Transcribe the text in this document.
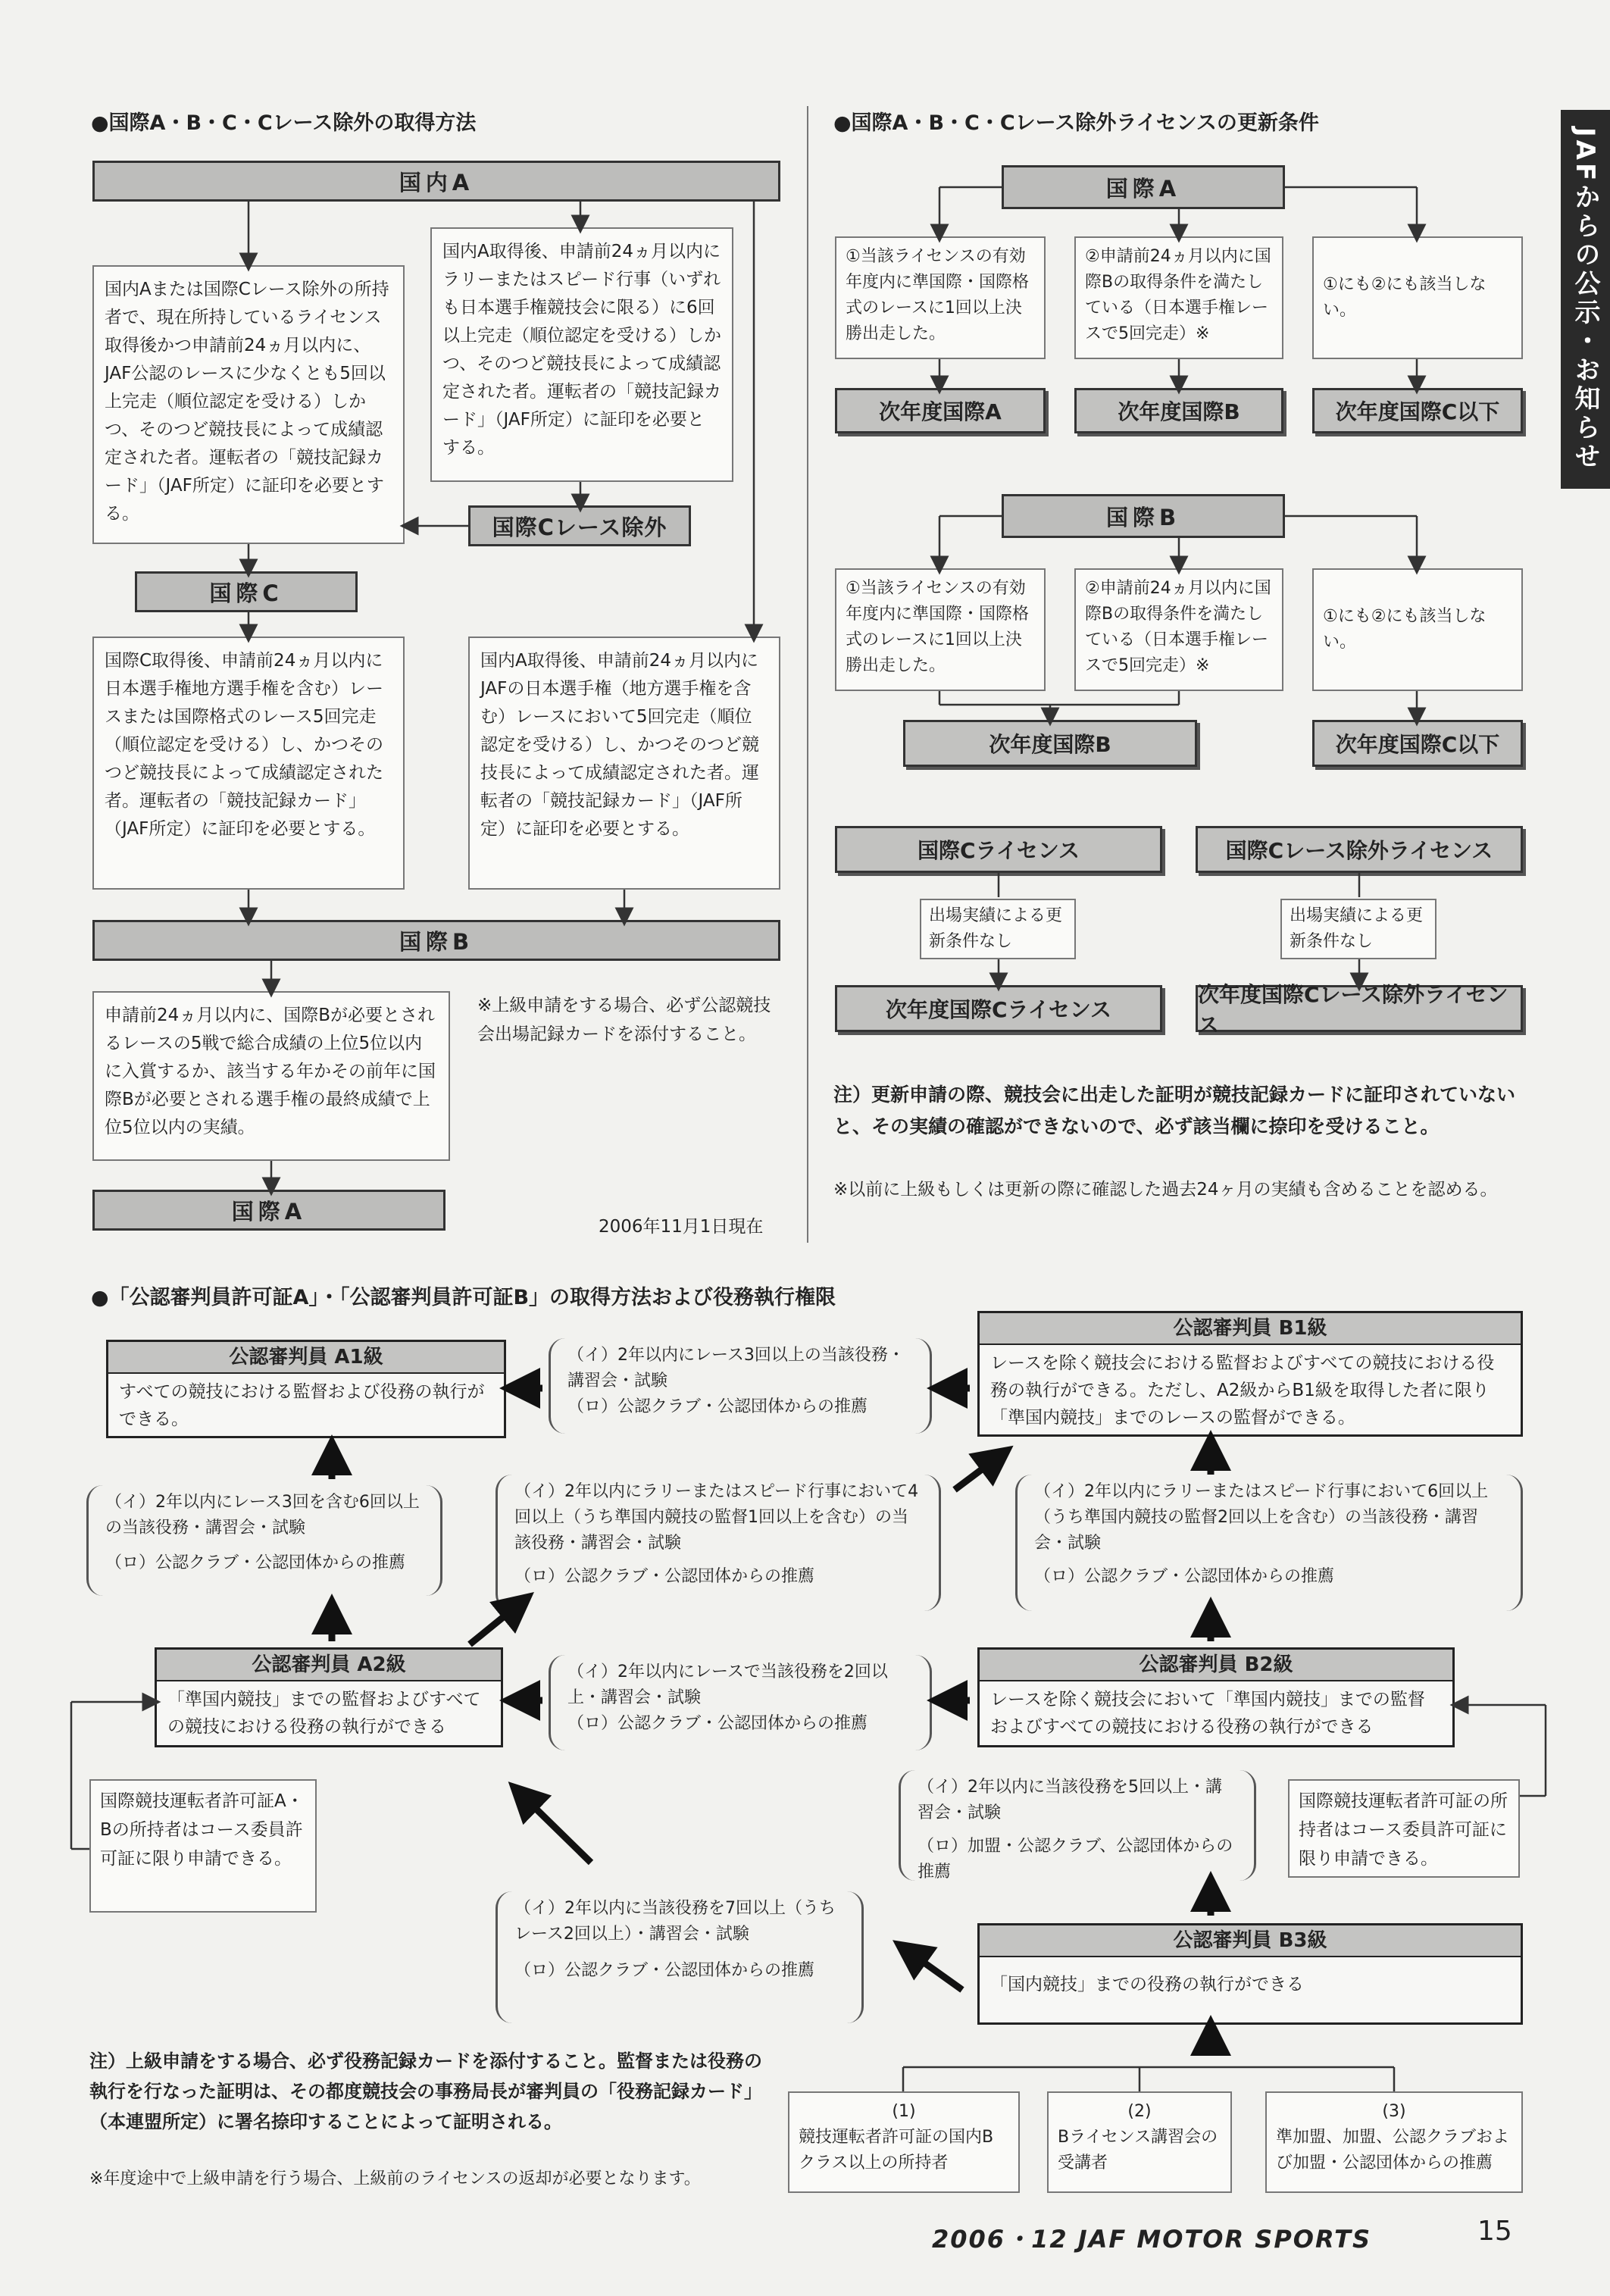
JAFからの公示・お知らせ
●国際A・B・C・Cレース除外の取得方法
国内A
国内Aまたは国際Cレース除外の所持者で、現在所持しているライセンス取得後かつ申請前24ヵ月以内に、JAF公認のレースに少なくとも5回以上完走（順位認定を受ける）しかつ、そのつど競技長によって成績認定された者。運転者の「競技記録カード」（JAF所定）に証印を必要とする。
国内A取得後、申請前24ヵ月以内にラリーまたはスピード行事（いずれも日本選手権競技会に限る）に6回以上完走（順位認定を受ける）しかつ、そのつど競技長によって成績認定された者。運転者の「競技記録カード」（JAF所定）に証印を必要とする。
国際Cレース除外
国際C
国際C取得後、申請前24ヵ月以内に日本選手権地方選手権を含む）レースまたは国際格式のレース5回完走（順位認定を受ける）し、かつそのつど競技長によって成績認定された者。運転者の「競技記録カード」（JAF所定）に証印を必要とする。
国内A取得後、申請前24ヵ月以内にJAFの日本選手権（地方選手権を含む）レースにおいて5回完走（順位認定を受ける）し、かつそのつど競技長によって成績認定された者。運転者の「競技記録カード」（JAF所定）に証印を必要とする。
国際B
申請前24ヵ月以内に、国際Bが必要とされるレースの5戦で総合成績の上位5位以内に入賞するか、該当する年かその前年に国際Bが必要とされる選手権の最終成績で上位5位以内の実績。
※上級申請をする場合、必ず公認競技会出場記録カードを添付すること。
国際A
2006年11月1日現在
●国際A・B・C・Cレース除外ライセンスの更新条件
国際A
①当該ライセンスの有効年度内に準国際・国際格式のレースに1回以上決勝出走した。
②申請前24ヵ月以内に国際Bの取得条件を満たしている（日本選手権レースで5回完走）※
①にも②にも該当しない。
次年度国際A	次年度国際B	次年度国際C以下
国際B
①当該ライセンスの有効年度内に準国際・国際格式のレースに1回以上決勝出走した。
②申請前24ヵ月以内に国際Bの取得条件を満たしている（日本選手権レースで5回完走）※
①にも②にも該当しない。
次年度国際B	次年度国際C以下
国際Cライセンス	国際Cレース除外ライセンス
出場実績による更新条件なし
出場実績による更新条件なし
次年度国際Cライセンス
次年度国際Cレース除外ライセンス
注）更新申請の際、競技会に出走した証明が競技記録カードに証印されていないと、その実績の確認ができないので、必ず該当欄に捺印を受けること。
※以前に上級もしくは更新の際に確認した過去24ヶ月の実績も含めることを認める。
●「公認審判員許可証A」・「公認審判員許可証B」の取得方法および役務執行権限
公認審判員 A1級
すべての競技における監督および役務の執行ができる。
公認審判員 B1級
レースを除く競技会における監督およびすべての競技における役務の執行ができる。ただし、A2級からB1級を取得した者に限り「準国内競技」までのレースの監督ができる。

（イ）2年以内にレース3回以上の当該役務・講習会・試験

（ロ）公認クラブ・公認団体からの推薦

（イ）2年以内にレース3回を含む6回以上の当該役務・講習会・試験

（ロ）公認クラブ・公認団体からの推薦

（イ）2年以内にラリーまたはスピード行事において4回以上（うち準国内競技の監督1回以上を含む）の当該役務・講習会・試験

（ロ）公認クラブ・公認団体からの推薦

（イ）2年以内にラリーまたはスピード行事において6回以上（うち準国内競技の監督2回以上を含む）の当該役務・講習会・試験

（ロ）公認クラブ・公認団体からの推薦

公認審判員 A2級
「準国内競技」までの監督およびすべての競技における役務の執行ができる
公認審判員 B2級
レースを除く競技会において「準国内競技」までの監督およびすべての競技における役務の執行ができる

（イ）2年以内にレースで当該役務を2回以上・講習会・試験

（ロ）公認クラブ・公認団体からの推薦

国際競技運転者許可証A・Bの所持者はコース委員許可証に限り申請できる。
国際競技運転者許可証の所持者はコース委員許可証に限り申請できる。

（イ）2年以内に当該役務を5回以上・講習会・試験

（ロ）加盟・公認クラブ、公認団体からの推薦

（イ）2年以内に当該役務を7回以上（うちレース2回以上）・講習会・試験

（ロ）公認クラブ・公認団体からの推薦

公認審判員 B3級
「国内競技」までの役務の執行ができる
注）上級申請をする場合、必ず役務記録カードを添付すること。監督または役務の執行を行なった証明は、その都度競技会の事務局長が審判員の「役務記録カード」（本連盟所定）に署名捺印することによって証明される。
※年度途中で上級申請を行う場合、上級前のライセンスの返却が必要となります。
(1)
競技運転者許可証の国内Bクラス以上の所持者
(2)
Bライセンス講習会の受講者
(3)
準加盟、加盟、公認クラブおよび加盟・公認団体からの推薦
2006・12 JAF MOTOR SPORTS	15
